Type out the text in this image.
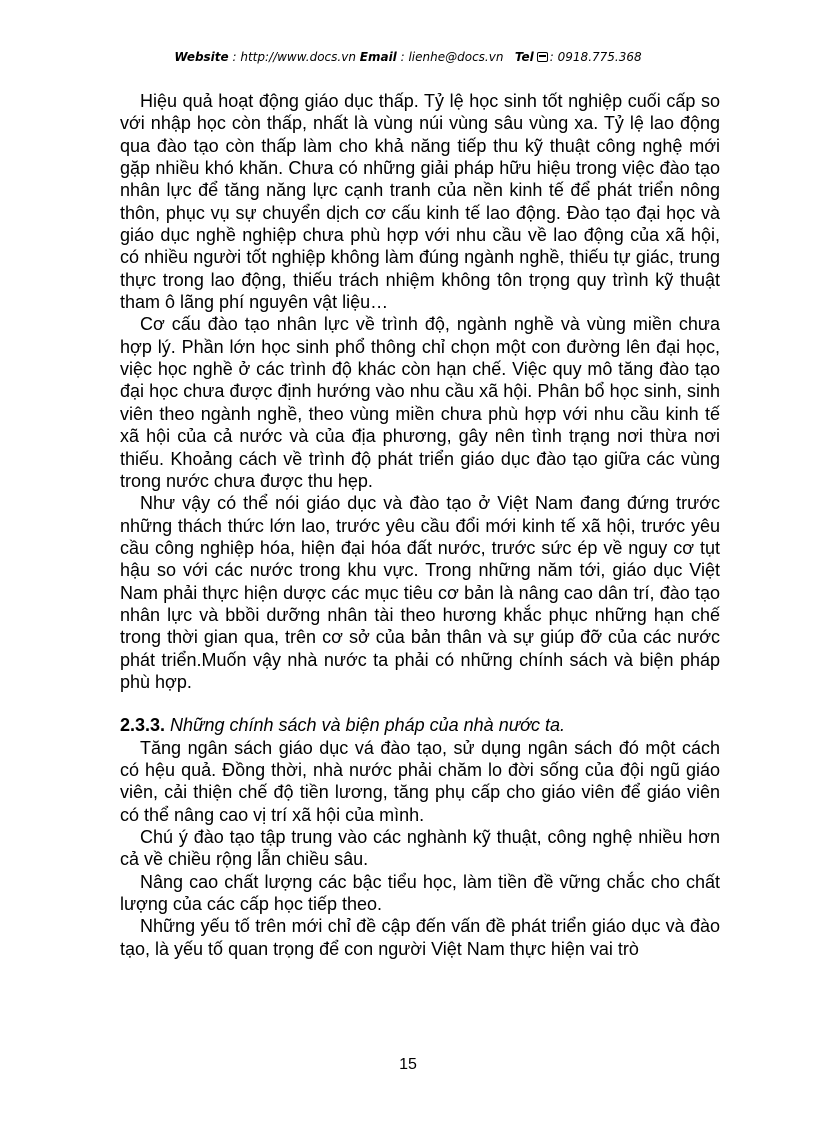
Website : http://www.docs.vn Email : lienhe@docs.vn Tel : 0918.775.368

Hiệu quả hoạt động giáo dục thấp. Tỷ lệ học sinh tốt nghiệp cuối cấp so với nhập học còn thấp, nhất là vùng núi vùng sâu vùng xa. Tỷ lệ lao động qua đào tạo còn thấp làm cho khả năng tiếp thu kỹ thuật công nghệ mới gặp nhiều khó khăn. Chưa có những giải pháp hữu hiệu trong việc đào tạo nhân lực để tăng năng lực cạnh tranh của nền kinh tế để phát triển nông thôn, phục vụ sự chuyển dịch cơ cấu kinh tế lao động. Đào tạo đại học và giáo dục nghề nghiệp chưa phù hợp với nhu cầu về lao động của xã hội, có nhiều người tốt nghiệp không làm đúng ngành nghề, thiếu tự giác, trung thực trong lao động, thiếu trách nhiệm không tôn trọng quy trình kỹ thuật tham ô lãng phí nguyên vật liệu…

Cơ cấu đào tạo nhân lực về trình độ, ngành nghề và vùng miền chưa hợp lý. Phần lớn học sinh phổ thông chỉ chọn một con đường lên đại học, việc học nghề ở các trình độ khác còn hạn chế. Việc quy mô tăng đào tạo đại học chưa được định hướng vào nhu cầu xã hội. Phân bổ học sinh, sinh viên theo ngành nghề, theo vùng miền chưa phù hợp với nhu cầu kinh tế xã hội của cả nước và của địa phương, gây nên tình trạng nơi thừa nơi thiếu. Khoảng cách về trình độ phát triển giáo dục đào tạo giữa các vùng trong nước chưa được thu hẹp.

Như vậy có thể nói giáo dục và đào tạo ở Việt Nam đang đứng trước những thách thức lớn lao, trước yêu cầu đổi mới kinh tế xã hội, trước yêu cầu công nghiệp hóa, hiện đại hóa đất nước, trước sức ép về nguy cơ tụt hậu so với các nước trong khu vực. Trong những năm tới, giáo dục Việt Nam phải thực hiện dược các mục tiêu cơ bản là nâng cao dân trí, đào tạo nhân lực và bbồi dưỡng nhân tài theo hương khắc phục những hạn chế trong thời gian qua, trên cơ sở của bản thân và sự giúp đỡ của các nước phát triển.Muốn vậy nhà nước ta phải có những chính sách và biện pháp phù hợp.

2.3.3. Những chính sách và biện pháp của nhà nước ta.

Tăng ngân sách giáo dục vá đào tạo, sử dụng ngân sách đó một cách có hệu quả. Đồng thời, nhà nước phải chăm lo đời sống của đội ngũ giáo viên, cải thiện chế độ tiền lương, tăng phụ cấp cho giáo viên để giáo viên có thể nâng cao vị trí xã hội của mình.

Chú ý đào tạo tập trung vào các nghành kỹ thuật, công nghệ nhiều hơn cả về chiều rộng lẫn chiều sâu.

Nâng cao chất lượng các bậc tiểu học, làm tiền đề vững chắc cho chất lượng của các cấp học tiếp theo.

Những yếu tố trên mới chỉ đề cập đến vấn đề phát triển giáo dục và đào tạo, là yếu tố quan trọng để con người Việt Nam thực hiện vai trò

15
